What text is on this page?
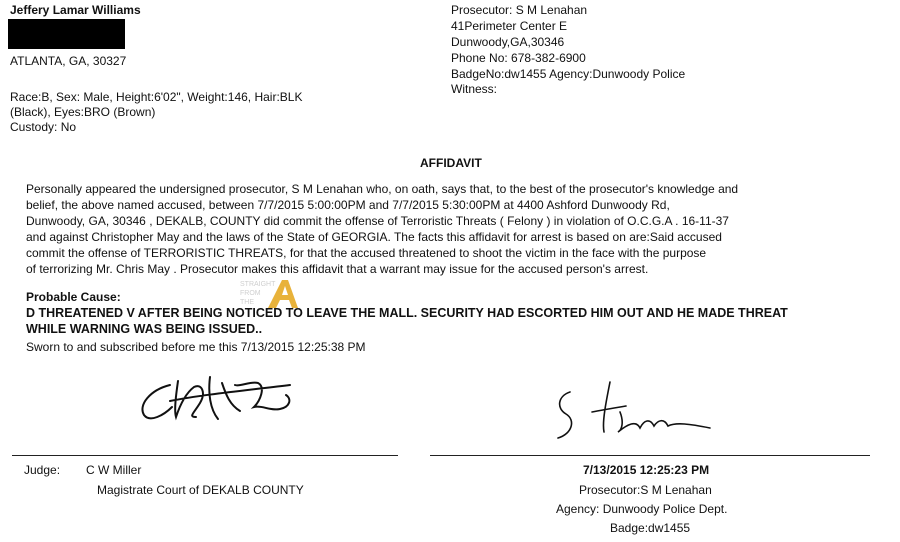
Jeffery Lamar Williams
ATLANTA, GA, 30327
Race:B, Sex: Male, Height:6'02", Weight:146, Hair:BLK
(Black), Eyes:BRO (Brown)
Custody: No
Prosecutor: S M Lenahan
41Perimeter Center E
Dunwoody,GA,30346
Phone No: 678-382-6900
BadgeNo:dw1455 Agency:Dunwoody Police
Witness:
AFFIDAVIT
Personally appeared the undersigned prosecutor, S M Lenahan who, on oath, says that, to the best of the prosecutor's knowledge and
belief, the above named accused, between 7/7/2015 5:00:00PM and 7/7/2015 5:30:00PM at 4400 Ashford Dunwoody Rd,
Dunwoody, GA, 30346 , DEKALB, COUNTY did commit the offense of Terroristic Threats ( Felony ) in violation of O.C.G.A . 16-11-37
and against Christopher May and the laws of the State of GEORGIA. The facts this affidavit for arrest is based on are:Said accused
commit the offense of TERRORISTIC THREATS, for that the accused threatened to shoot the victim in the face with the purpose
of terrorizing Mr. Chris May . Prosecutor makes this affidavit that a warrant may issue for the accused person's arrest.
STRAIGHT
FROM
THE
Probable Cause:
D THREATENED V AFTER BEING NOTICED TO LEAVE THE MALL. SECURITY HAD ESCORTED HIM OUT AND HE MADE THREAT
WHILE WARNING WAS BEING ISSUED..
Sworn to and subscribed before me this 7/13/2015 12:25:38 PM
Judge: C W Miller
Magistrate Court of DEKALB COUNTY
7/13/2015 12:25:23 PM
Prosecutor:S M Lenahan
Agency: Dunwoody Police Dept.
Badge:dw1455
